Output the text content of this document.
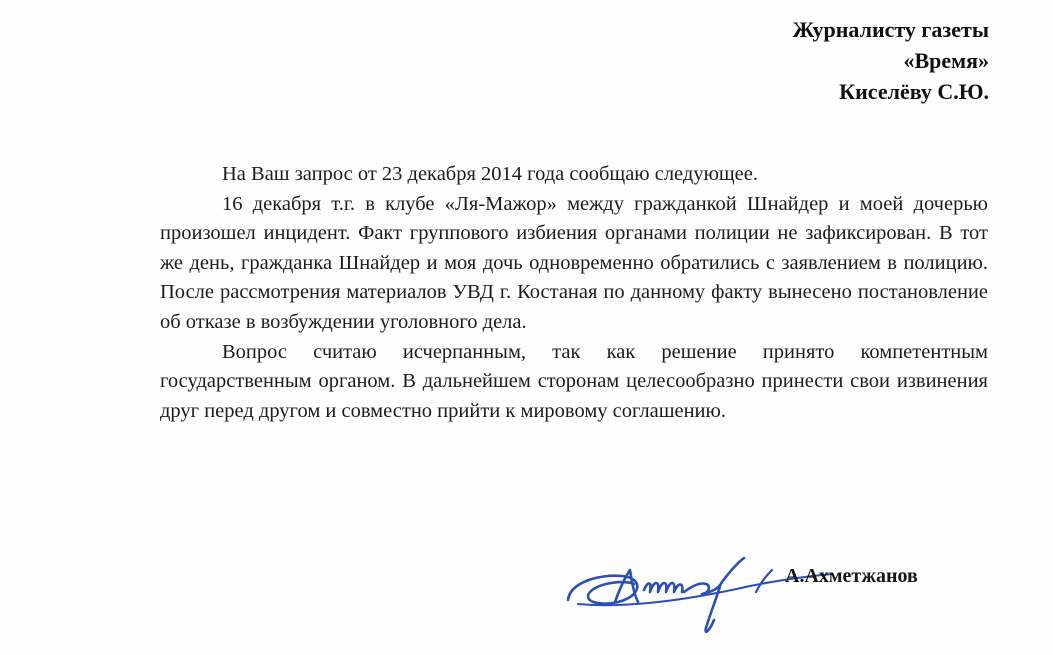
Журналисту газеты
«Время»
Киселёву С.Ю.

На Ваш запрос от 23 декабря 2014 года сообщаю следующее.

16 декабря т.г. в клубе «Ля-Мажор» между гражданкой Шнайдер и моей дочерью произошел инцидент. Факт группового избиения органами полиции не зафиксирован. В тот же день, гражданка Шнайдер и моя дочь одновременно обратились с заявлением в полицию. После рассмотрения материалов УВД г. Костаная по данному факту вынесено постановление об отказе в возбуждении уголовного дела.

Вопрос считаю исчерпанным, так как решение принято компетентным государственным органом. В дальнейшем сторонам целесообразно принести свои извинения друг перед другом и совместно прийти к мировому соглашению.

А.Ахметжанов
